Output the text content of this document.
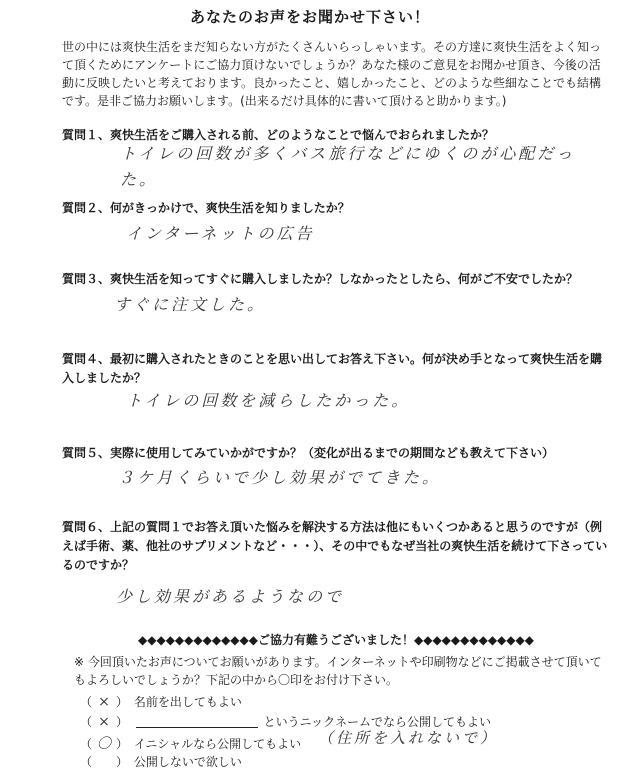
あなたのお声をお聞かせ下さい！
世の中には爽快生活をまだ知らない方がたくさんいらっしゃいます。その方達に爽快生活をよく知って頂くためにアンケートにご協力頂けないでしょうか？あなた様のご意見をお聞かせ頂き、今後の活動に反映したいと考えております。良かったこと、嬉しかったこと、どのような些細なことでも結構です。是非ご協力お願いします。(出来るだけ具体的に書いて頂けると助かります。)
質問１、爽快生活をご購入される前、どのようなことで悩んでおられましたか？
トイレの回数が多くバス旅行などにゆくのが心配だった。
質問２、何がきっかけで、爽快生活を知りましたか？
インターネットの広告
質問３、爽快生活を知ってすぐに購入しましたか？しなかったとしたら、何がご不安でしたか？
すぐに注文した。
質問４、最初に購入されたときのことを思い出してお答え下さい。何が決め手となって爽快生活を購入しましたか？
トイレの回数を減らしたかった。
質問５、実際に使用してみていかがですか？（変化が出るまでの期間なども教えて下さい）
３ケ月くらいで少し効果がでてきた。
質問６、上記の質問１でお答え頂いた悩みを解決する方法は他にもいくつかあると思うのですが（例えば手術、薬、他社のサプリメントなど・・・）、その中でもなぜ当社の爽快生活を続けて下さっているのですか？
少し効果があるようなので
◆◆◆◆◆◆◆◆◆◆◆◆◆ご協力有難うございました！◆◆◆◆◆◆◆◆◆◆◆◆◆
※ 今回頂いたお声についてお願いがあります。インターネットや印刷物などにご掲載させて頂いてもよろしいでしょうか？下記の中から〇印をお付け下さい。
（ × ） 名前を出してもよい
（ × ）	というニックネームでなら公開してもよい
（ 〇 ） イニシャルなら公開してもよい （住所を入れないで）
（ ） 公開しないで欲しい
